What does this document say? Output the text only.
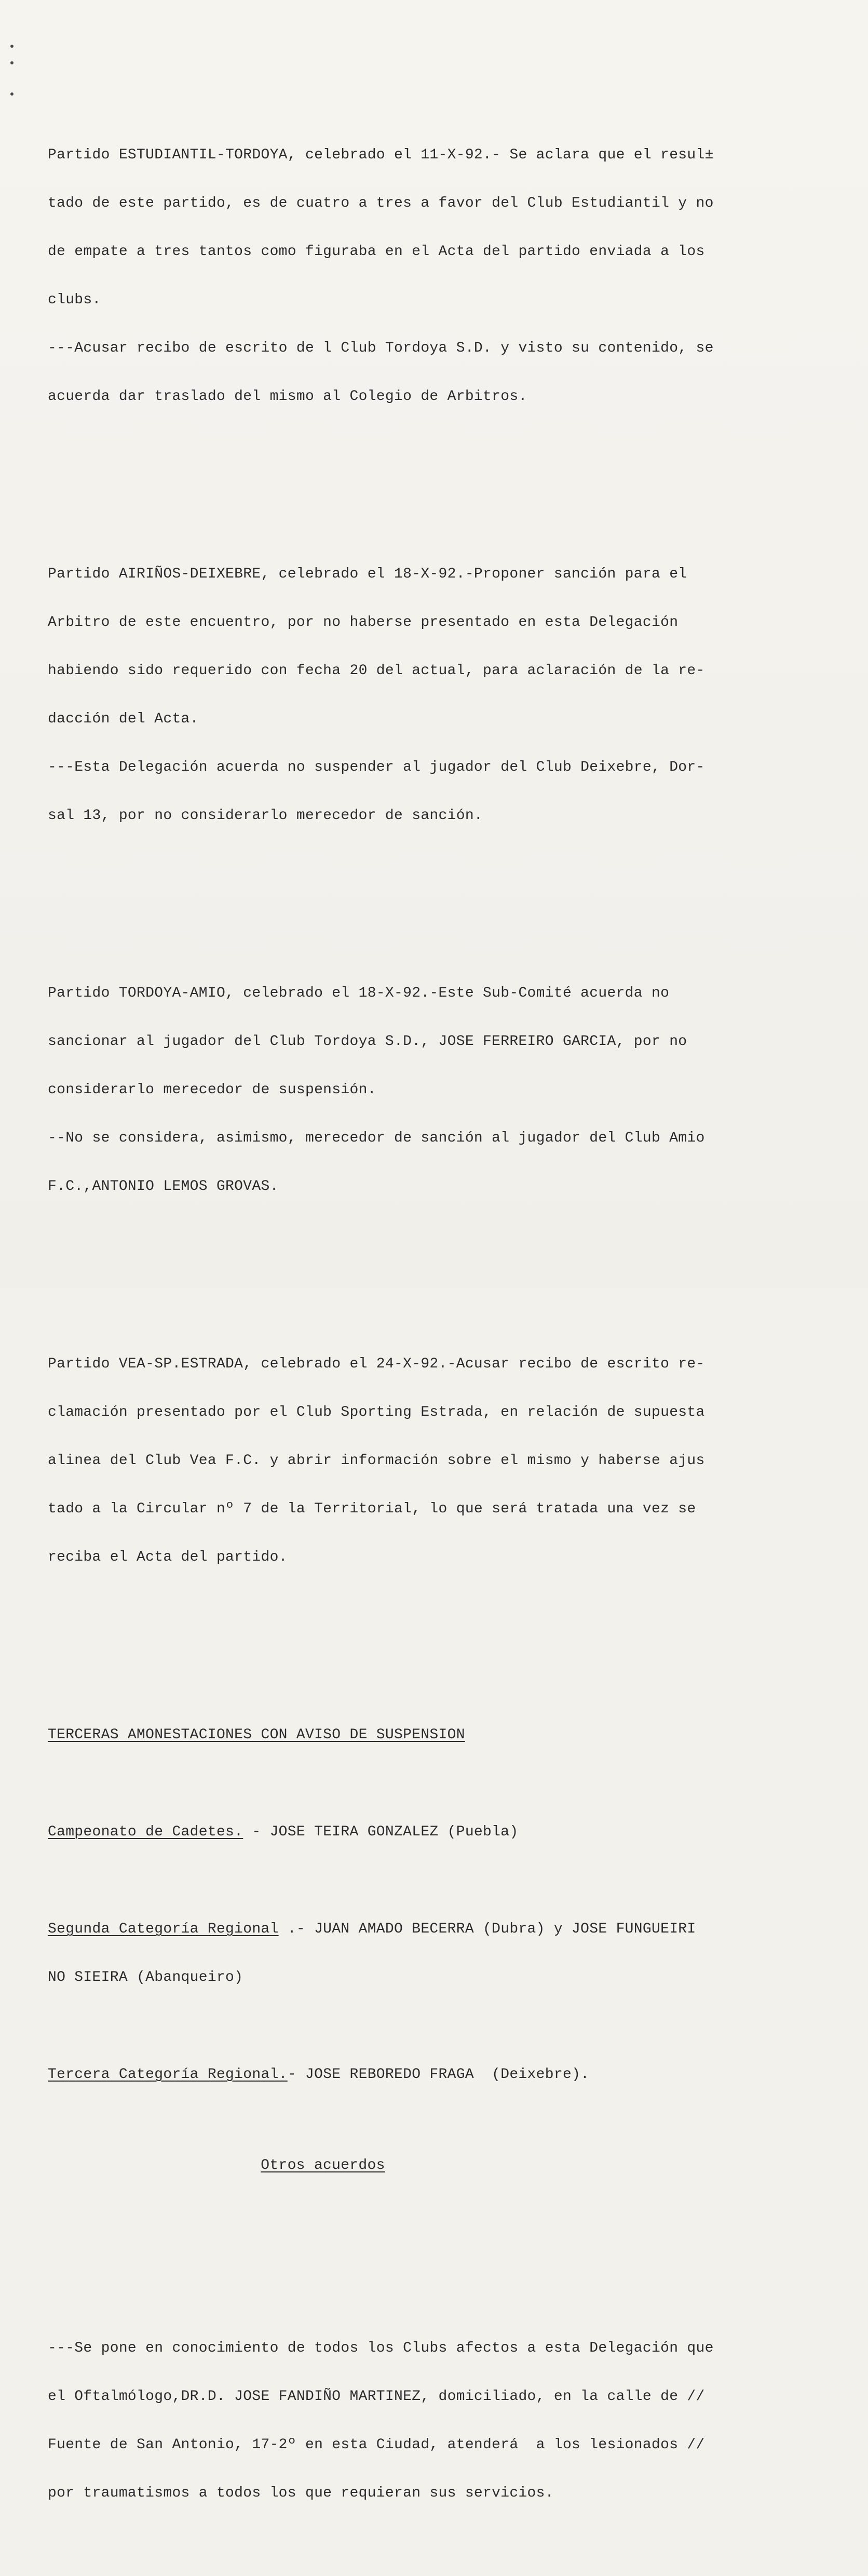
Partido ESTUDIANTIL-TORDOYA, celebrado el 11-X-92.- Se aclara que el resul±

tado de este partido, es de cuatro a tres a favor del Club Estudiantil y no

de empate a tres tantos como figuraba en el Acta del partido enviada a los

clubs.

---Acusar recibo de escrito de l Club Tordoya S.D. y visto su contenido, se

acuerda dar traslado del mismo al Colegio de Arbitros.

Partido AIRIÑOS-DEIXEBRE, celebrado el 18-X-92.-Proponer sanción para el

Arbitro de este encuentro, por no haberse presentado en esta Delegación

habiendo sido requerido con fecha 20 del actual, para aclaración de la re-

dacción del Acta.

---Esta Delegación acuerda no suspender al jugador del Club Deixebre, Dor-

sal 13, por no considerarlo merecedor de sanción.

Partido TORDOYA-AMIO, celebrado el 18-X-92.-Este Sub-Comité acuerda no

sancionar al jugador del Club Tordoya S.D., JOSE FERREIRO GARCIA, por no

considerarlo merecedor de suspensión.

--No se considera, asimismo, merecedor de sanción al jugador del Club Amio

F.C.,ANTONIO LEMOS GROVAS.

Partido VEA-SP.ESTRADA, celebrado el 24-X-92.-Acusar recibo de escrito re-

clamación presentado por el Club Sporting Estrada, en relación de supuesta

alinea del Club Vea F.C. y abrir información sobre el mismo y haberse ajus

tado a la Circular nº 7 de la Territorial, lo que será tratada una vez se

reciba el Acta del partido.

TERCERAS AMONESTACIONES CON AVISO DE SUSPENSION

Campeonato de Cadetes. - JOSE TEIRA GONZALEZ (Puebla)

Segunda Categoría Regional .- JUAN AMADO BECERRA (Dubra) y JOSE FUNGUEIRI

NO SIEIRA (Abanqueiro)

Tercera Categoría Regional.- JOSE REBOREDO FRAGA  (Deixebre).

Otros acuerdos

---Se pone en conocimiento de todos los Clubs afectos a esta Delegación que

el Oftalmólogo,DR.D. JOSE FANDIÑO MARTINEZ, domiciliado, en la calle de //

Fuente de San Antonio, 17-2º en esta Ciudad, atenderá  a los lesionados //

por traumatismos a todos los que requieran sus servicios.
